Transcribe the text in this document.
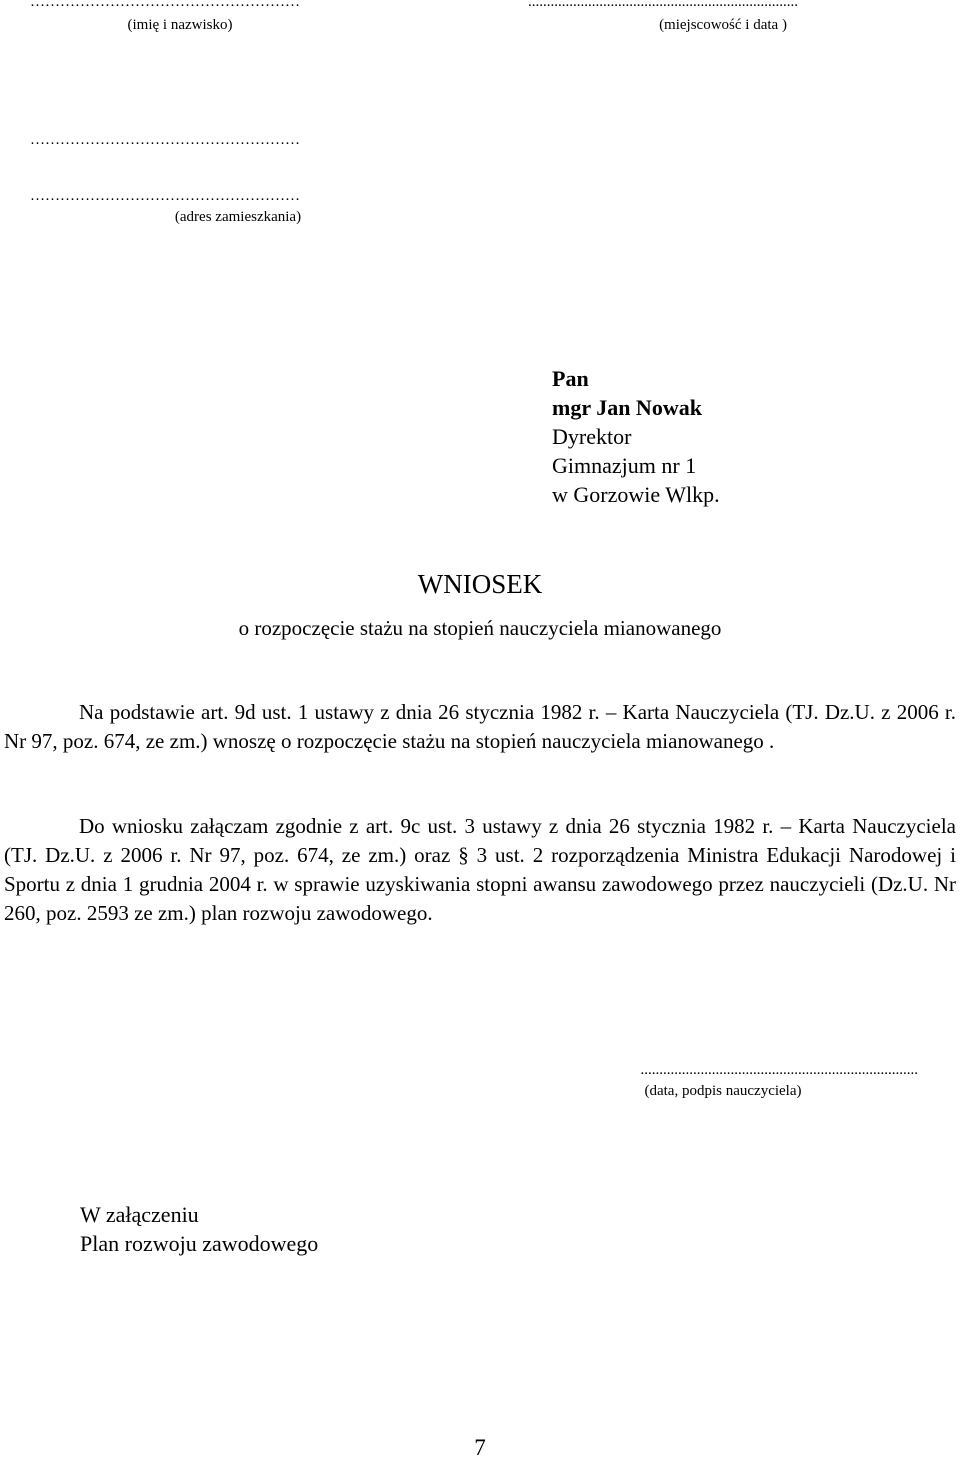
………………………………………………
(imię i nazwisko)
........................................................................
(miejscowość i data )
………………………………………………
………………………………………………
(adres zamieszkania)
Pan
mgr Jan Nowak
Dyrektor
Gimnazjum nr 1
w Gorzowie Wlkp.
WNIOSEK
o rozpoczęcie stażu na stopień nauczyciela mianowanego
Na podstawie art. 9d ust. 1 ustawy z dnia 26 stycznia 1982 r. – Karta Nauczyciela (TJ. Dz.U. z 2006 r. Nr 97, poz. 674, ze zm.) wnoszę o rozpoczęcie stażu na stopień nauczyciela mianowanego .
Do wniosku załączam zgodnie z art. 9c ust. 3 ustawy z dnia 26 stycznia 1982 r. – Karta Nauczyciela (TJ. Dz.U. z 2006 r. Nr 97, poz. 674, ze zm.) oraz § 3 ust. 2 rozporządzenia Ministra Edukacji Narodowej i Sportu z dnia 1 grudnia 2004 r. w sprawie uzyskiwania stopni awansu zawodowego przez nauczycieli (Dz.U. Nr 260, poz. 2593 ze zm.) plan rozwoju zawodowego.
..........................................................................
(data, podpis nauczyciela)
W załączeniu
Plan rozwoju zawodowego
7
